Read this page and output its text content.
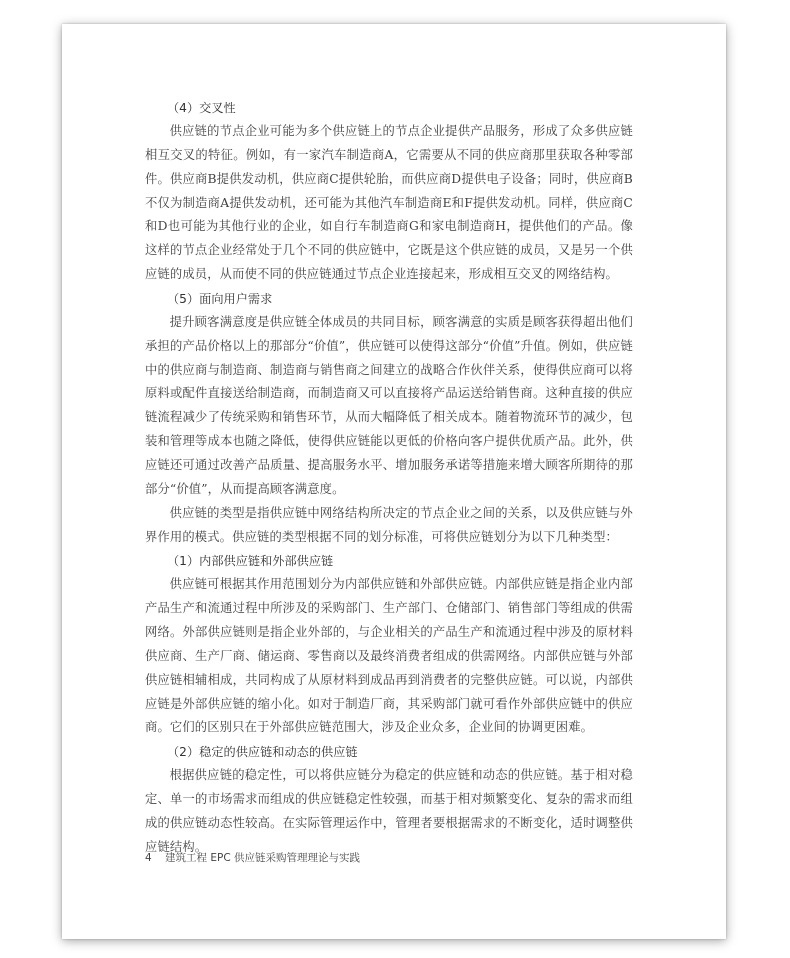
（4）交叉性

供应链的节点企业可能为多个供应链上的节点企业提供产品服务，形成了众多供应链相互交叉的特征。例如，有一家汽车制造商A，它需要从不同的供应商那里获取各种零部件。供应商B提供发动机，供应商C提供轮胎，而供应商D提供电子设备；同时，供应商B不仅为制造商A提供发动机，还可能为其他汽车制造商E和F提供发动机。同样，供应商C和D也可能为其他行业的企业，如自行车制造商G和家电制造商H，提供他们的产品。像这样的节点企业经常处于几个不同的供应链中，它既是这个供应链的成员，又是另一个供应链的成员，从而使不同的供应链通过节点企业连接起来，形成相互交叉的网络结构。

（5）面向用户需求

提升顾客满意度是供应链全体成员的共同目标，顾客满意的实质是顾客获得超出他们承担的产品价格以上的那部分“价值”，供应链可以使得这部分“价值”升值。例如，供应链中的供应商与制造商、制造商与销售商之间建立的战略合作伙伴关系，使得供应商可以将原料或配件直接送给制造商，而制造商又可以直接将产品运送给销售商。这种直接的供应链流程减少了传统采购和销售环节，从而大幅降低了相关成本。随着物流环节的减少，包装和管理等成本也随之降低，使得供应链能以更低的价格向客户提供优质产品。此外，供应链还可通过改善产品质量、提高服务水平、增加服务承诺等措施来增大顾客所期待的那部分“价值”，从而提高顾客满意度。

供应链的类型是指供应链中网络结构所决定的节点企业之间的关系，以及供应链与外界作用的模式。供应链的类型根据不同的划分标准，可将供应链划分为以下几种类型：

（1）内部供应链和外部供应链

供应链可根据其作用范围划分为内部供应链和外部供应链。内部供应链是指企业内部产品生产和流通过程中所涉及的采购部门、生产部门、仓储部门、销售部门等组成的供需网络。外部供应链则是指企业外部的，与企业相关的产品生产和流通过程中涉及的原材料供应商、生产厂商、储运商、零售商以及最终消费者组成的供需网络。内部供应链与外部供应链相辅相成，共同构成了从原材料到成品再到消费者的完整供应链。可以说，内部供应链是外部供应链的缩小化。如对于制造厂商，其采购部门就可看作外部供应链中的供应商。它们的区别只在于外部供应链范围大，涉及企业众多，企业间的协调更困难。

（2）稳定的供应链和动态的供应链

根据供应链的稳定性，可以将供应链分为稳定的供应链和动态的供应链。基于相对稳定、单一的市场需求而组成的供应链稳定性较强，而基于相对频繁变化、复杂的需求而组成的供应链动态性较高。在实际管理运作中，管理者要根据需求的不断变化，适时调整供应链结构。

4 建筑工程 EPC 供应链采购管理理论与实践
